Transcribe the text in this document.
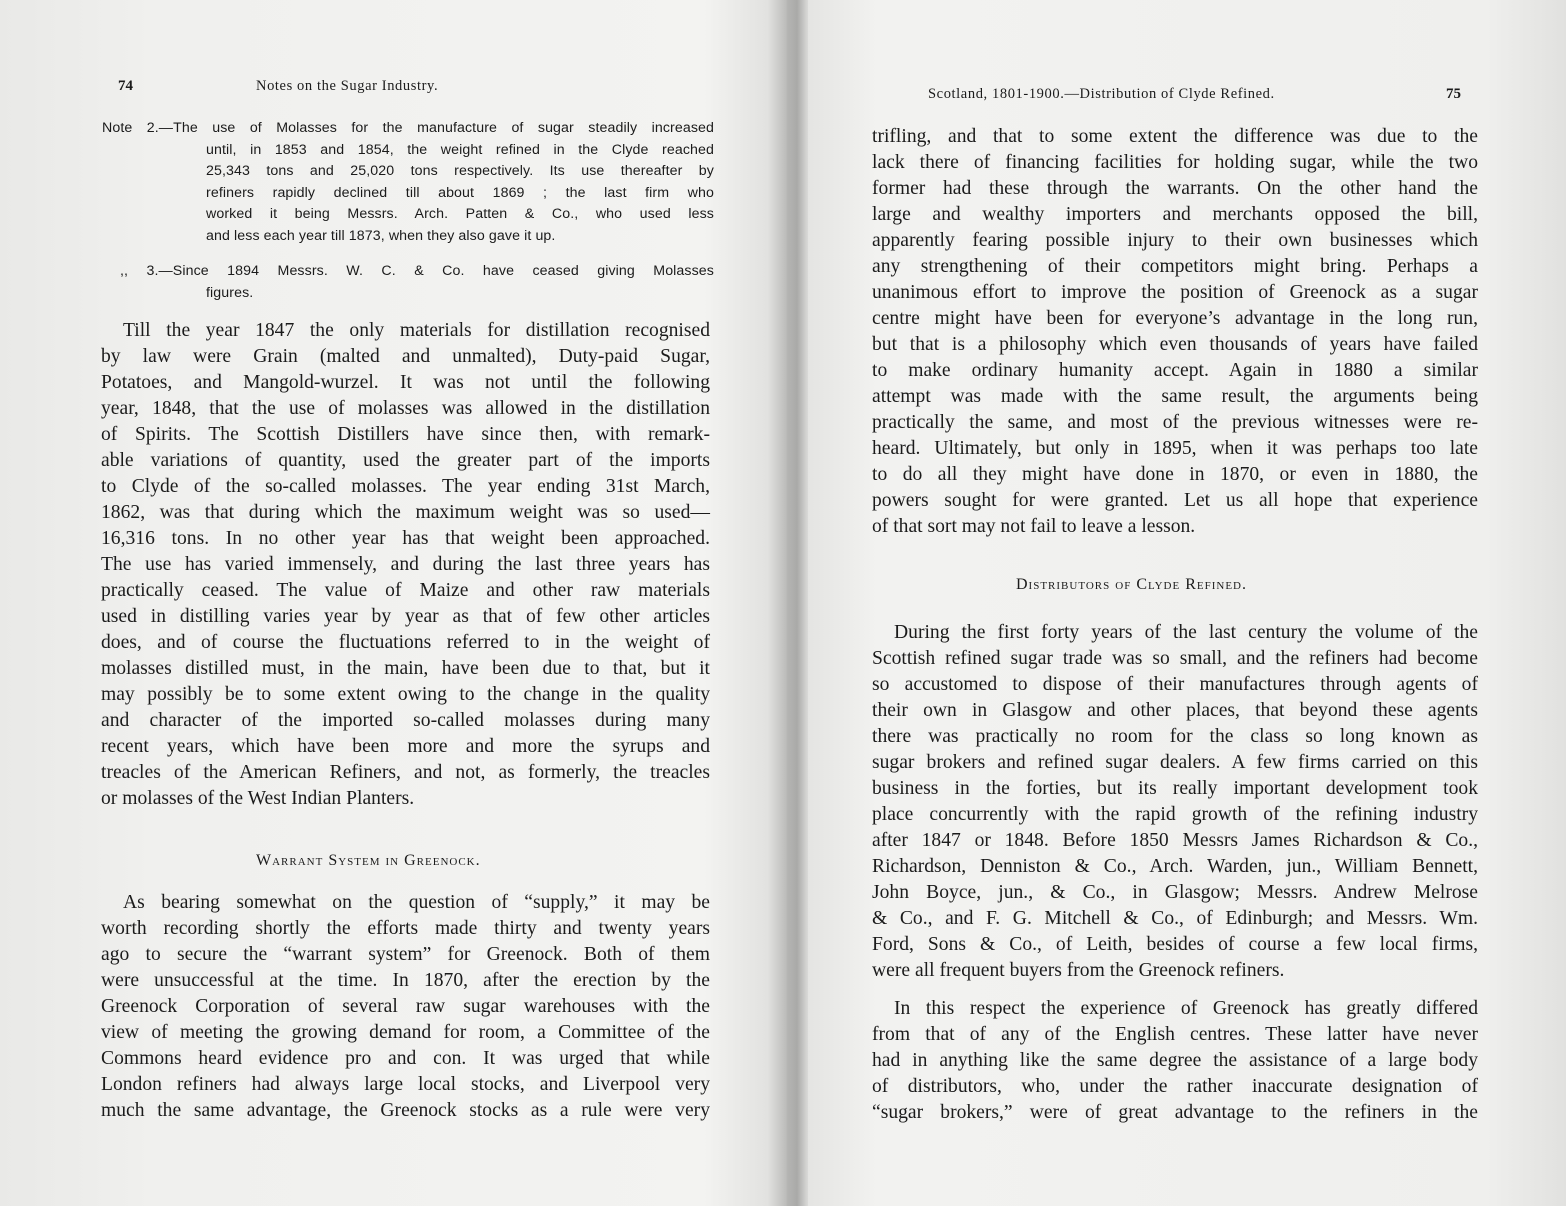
74	Notes on the Sugar Industry.
Note 2.—The use of Molasses for the manufacture of sugar steadily increased
until, in 1853 and 1854, the weight refined in the Clyde reached
25,343 tons and 25,020 tons respectively. Its use thereafter by
refiners rapidly declined till about 1869 ; the last firm who
worked it being Messrs. Arch. Patten & Co., who used less
and less each year till 1873, when they also gave it up.
,, 3.—Since 1894 Messrs. W. C. & Co. have ceased giving Molasses
figures.
Till the year 1847 the only materials for distillation recognised
by law were Grain (malted and unmalted), Duty-paid Sugar,
Potatoes, and Mangold-wurzel. It was not until the following
year, 1848, that the use of molasses was allowed in the distillation
of Spirits. The Scottish Distillers have since then, with remark-
able variations of quantity, used the greater part of the imports
to Clyde of the so-called molasses. The year ending 31st March,
1862, was that during which the maximum weight was so used—
16,316 tons. In no other year has that weight been approached.
The use has varied immensely, and during the last three years has
practically ceased. The value of Maize and other raw materials
used in distilling varies year by year as that of few other articles
does, and of course the fluctuations referred to in the weight of
molasses distilled must, in the main, have been due to that, but it
may possibly be to some extent owing to the change in the quality
and character of the imported so-called molasses during many
recent years, which have been more and more the syrups and
treacles of the American Refiners, and not, as formerly, the treacles
or molasses of the West Indian Planters.
Warrant System in Greenock.
As bearing somewhat on the question of “supply,” it may be
worth recording shortly the efforts made thirty and twenty years
ago to secure the “warrant system” for Greenock. Both of them
were unsuccessful at the time. In 1870, after the erection by the
Greenock Corporation of several raw sugar warehouses with the
view of meeting the growing demand for room, a Committee of the
Commons heard evidence pro and con. It was urged that while
London refiners had always large local stocks, and Liverpool very
much the same advantage, the Greenock stocks as a rule were very
Scotland, 1801-1900.—Distribution of Clyde Refined.	75
trifling, and that to some extent the difference was due to the
lack there of financing facilities for holding sugar, while the two
former had these through the warrants. On the other hand the
large and wealthy importers and merchants opposed the bill,
apparently fearing possible injury to their own businesses which
any strengthening of their competitors might bring. Perhaps a
unanimous effort to improve the position of Greenock as a sugar
centre might have been for everyone’s advantage in the long run,
but that is a philosophy which even thousands of years have failed
to make ordinary humanity accept. Again in 1880 a similar
attempt was made with the same result, the arguments being
practically the same, and most of the previous witnesses were re-
heard. Ultimately, but only in 1895, when it was perhaps too late
to do all they might have done in 1870, or even in 1880, the
powers sought for were granted. Let us all hope that experience
of that sort may not fail to leave a lesson.
Distributors of Clyde Refined.
During the first forty years of the last century the volume of the
Scottish refined sugar trade was so small, and the refiners had become
so accustomed to dispose of their manufactures through agents of
their own in Glasgow and other places, that beyond these agents
there was practically no room for the class so long known as
sugar brokers and refined sugar dealers. A few firms carried on this
business in the forties, but its really important development took
place concurrently with the rapid growth of the refining industry
after 1847 or 1848. Before 1850 Messrs James Richardson & Co.,
Richardson, Denniston & Co., Arch. Warden, jun., William Bennett,
John Boyce, jun., & Co., in Glasgow; Messrs. Andrew Melrose
& Co., and F. G. Mitchell & Co., of Edinburgh; and Messrs. Wm.
Ford, Sons & Co., of Leith, besides of course a few local firms,
were all frequent buyers from the Greenock refiners.
In this respect the experience of Greenock has greatly differed
from that of any of the English centres. These latter have never
had in anything like the same degree the assistance of a large body
of distributors, who, under the rather inaccurate designation of
“sugar brokers,” were of great advantage to the refiners in the
